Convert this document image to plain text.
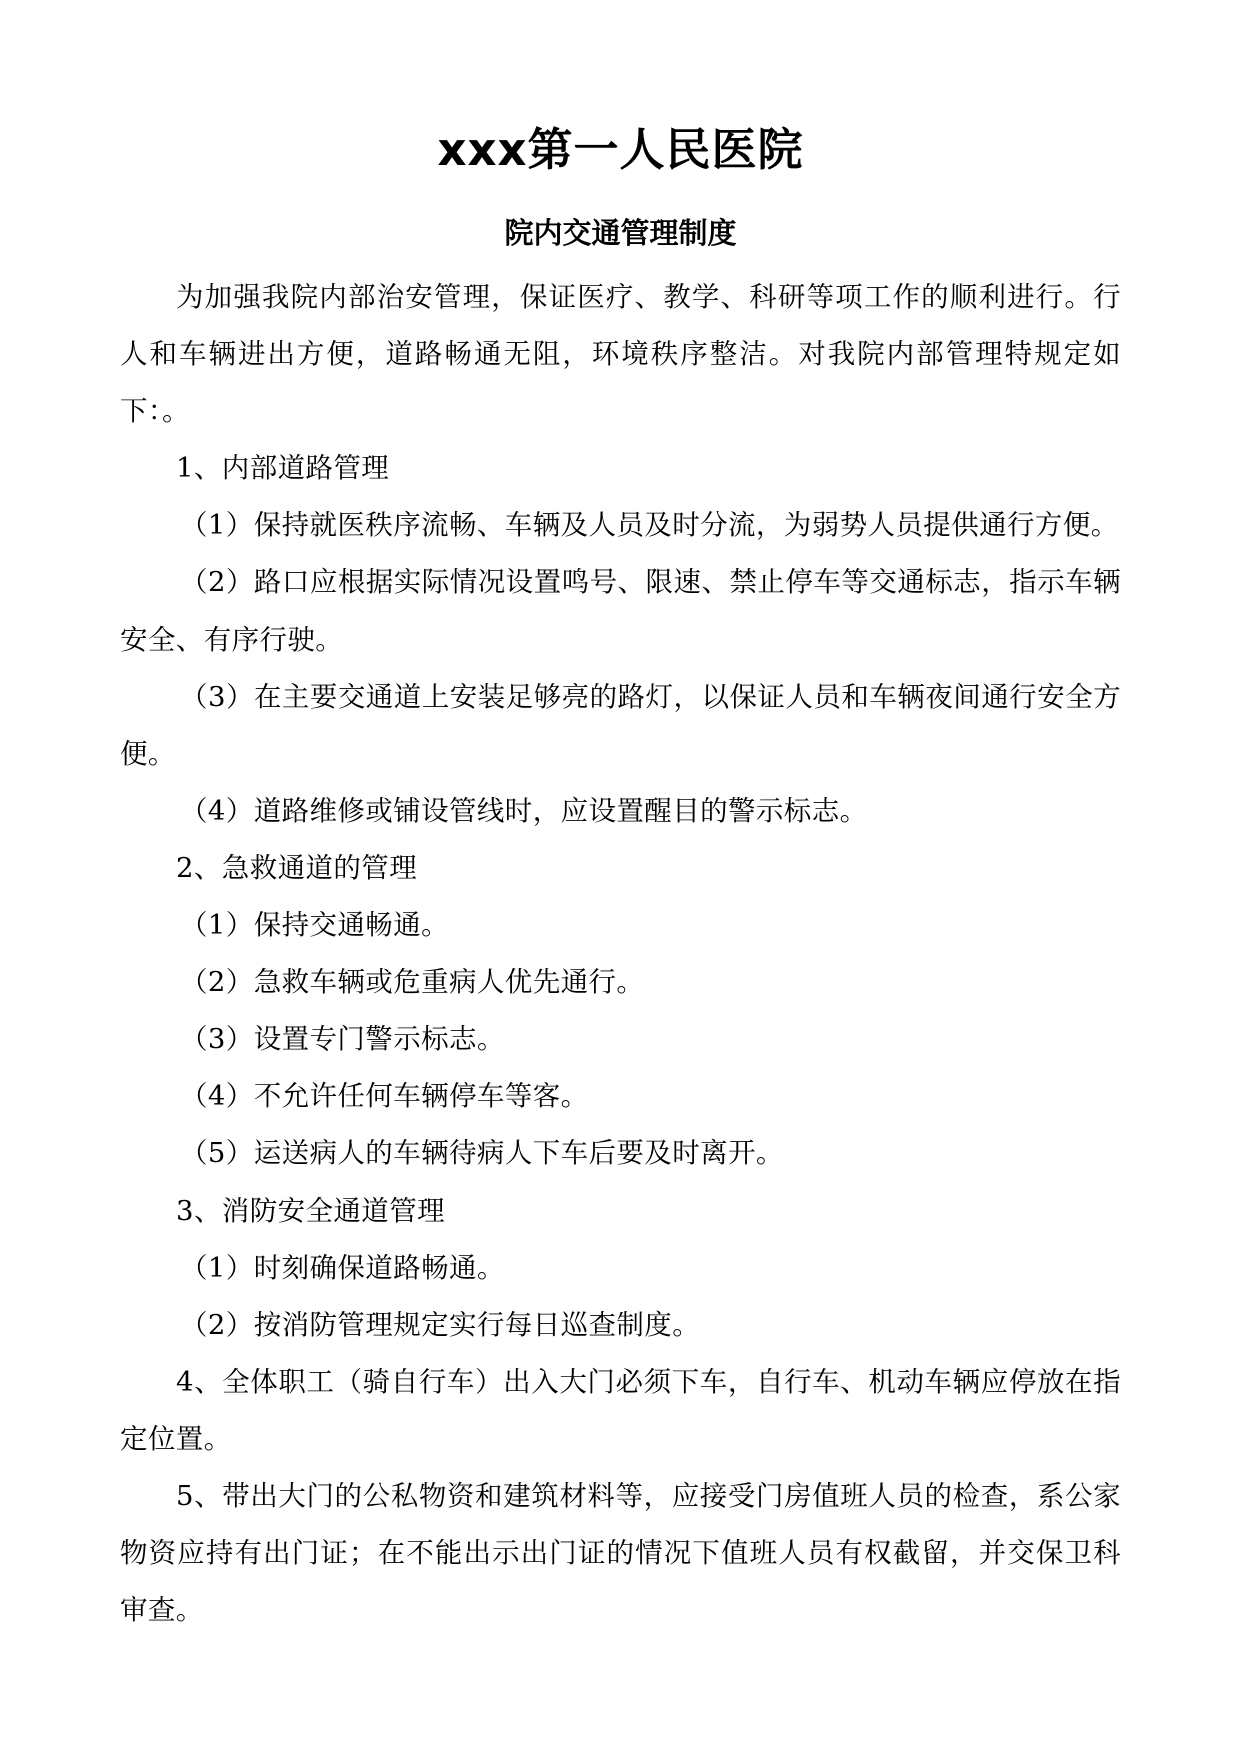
xxx第一人民医院
院内交通管理制度

为加强我院内部治安管理，保证医疗、教学、科研等项工作的顺利进行。行人和车辆进出方便，道路畅通无阻，环境秩序整洁。对我院内部管理特规定如下：。

1、内部道路管理

（1）保持就医秩序流畅、车辆及人员及时分流，为弱势人员提供通行方便。

（2）路口应根据实际情况设置鸣号、限速、禁止停车等交通标志，指示车辆安全、有序行驶。

（3）在主要交通道上安装足够亮的路灯，以保证人员和车辆夜间通行安全方便。

（4）道路维修或铺设管线时，应设置醒目的警示标志。

2、急救通道的管理

（1）保持交通畅通。

（2）急救车辆或危重病人优先通行。

（3）设置专门警示标志。

（4）不允许任何车辆停车等客。

（5）运送病人的车辆待病人下车后要及时离开。

3、消防安全通道管理

（1）时刻确保道路畅通。

（2）按消防管理规定实行每日巡查制度。

4、全体职工（骑自行车）出入大门必须下车，自行车、机动车辆应停放在指定位置。

5、带出大门的公私物资和建筑材料等，应接受门房值班人员的检查，系公家物资应持有出门证；在不能出示出门证的情况下值班人员有权截留，并交保卫科审查。
